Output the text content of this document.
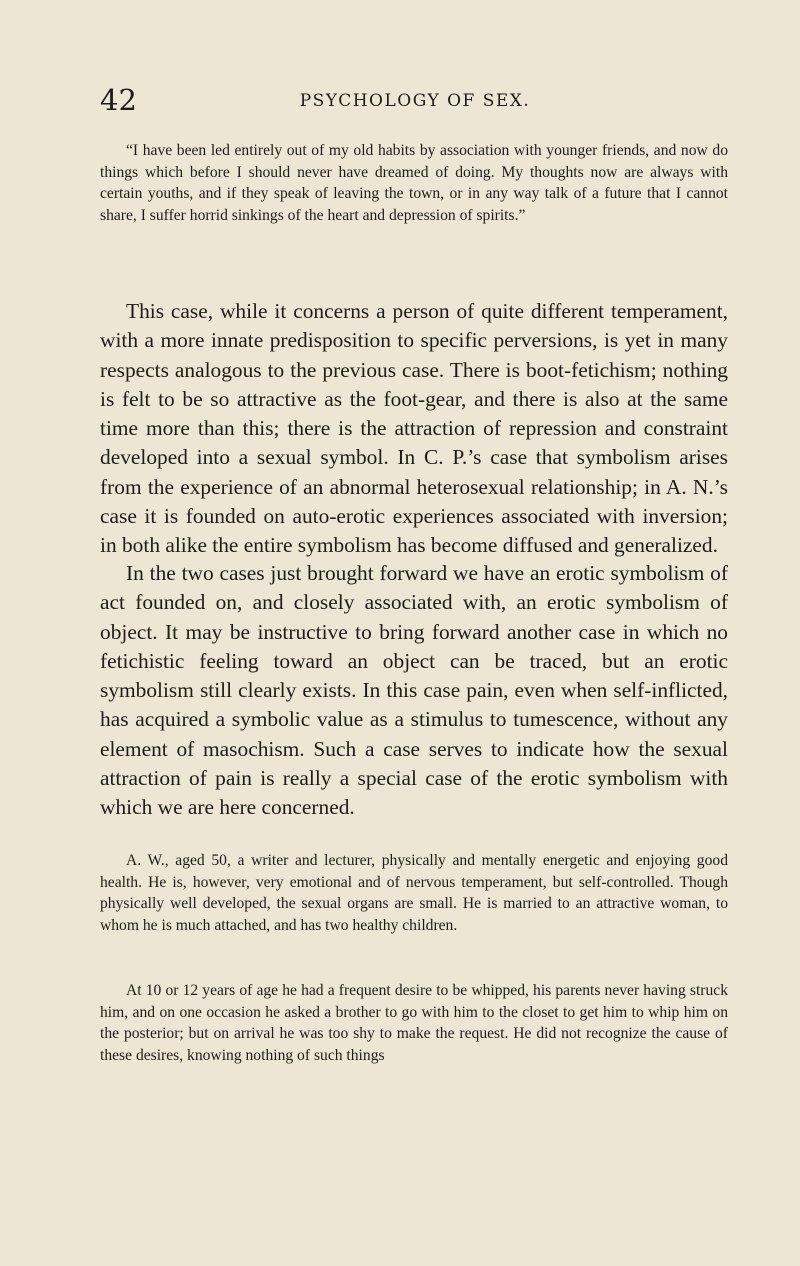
42	PSYCHOLOGY OF SEX.

“I have been led entirely out of my old habits by association with younger friends, and now do things which before I should never have dreamed of doing. My thoughts now are always with certain youths, and if they speak of leaving the town, or in any way talk of a future that I cannot share, I suffer horrid sinkings of the heart and depression of spirits.”

This case, while it concerns a person of quite different temperament, with a more innate predisposition to specific perversions, is yet in many respects analogous to the previous case. There is boot-fetichism; nothing is felt to be so attractive as the foot-gear, and there is also at the same time more than this; there is the attraction of repression and constraint developed into a sexual symbol. In C. P.’s case that symbolism arises from the experience of an abnormal heterosexual relationship; in A. N.’s case it is founded on auto-erotic experiences associated with inversion; in both alike the entire symbolism has become diffused and generalized.

In the two cases just brought forward we have an erotic symbolism of act founded on, and closely associated with, an erotic symbolism of object. It may be instructive to bring forward another case in which no fetichistic feeling toward an object can be traced, but an erotic symbolism still clearly exists. In this case pain, even when self-inflicted, has acquired a symbolic value as a stimulus to tumescence, without any element of masochism. Such a case serves to indicate how the sexual attraction of pain is really a special case of the erotic symbolism with which we are here concerned.

A. W., aged 50, a writer and lecturer, physically and mentally energetic and enjoying good health. He is, however, very emotional and of nervous temperament, but self-controlled. Though physically well developed, the sexual organs are small. He is married to an attractive woman, to whom he is much attached, and has two healthy children.

At 10 or 12 years of age he had a frequent desire to be whipped, his parents never having struck him, and on one occasion he asked a brother to go with him to the closet to get him to whip him on the posterior; but on arrival he was too shy to make the request. He did not recognize the cause of these desires, knowing nothing of such things
